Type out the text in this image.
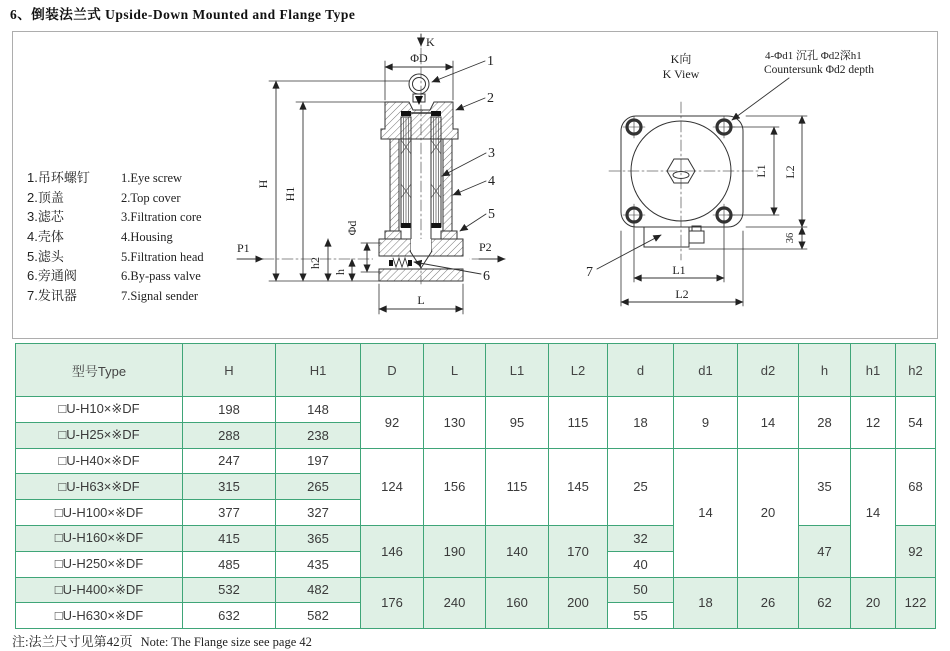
6、倒装法兰式 Upside-Down Mounted and Flange Type
K
ΦD
H
H1
Φd
h2
h
P1	P2
L
1
2
3
4
5
6
K向
K View
4-Φd1 沉孔 Φd2深h1
Countersunk Φd2 depth
L1 L2
36
L1
L2
7
1.吊环螺钉 1.Eye screw
2.顶盖	2.Top cover
3.滤芯	3.Filtration core
4.壳体	4.Housing
5.滤头	5.Filtration head
6.旁通阀	6.By-pass valve
7.发讯器	7.Signal sender
型号Type	H	H1	D	L	L1	L2	d	d1	d2	h	h1	h2
□U-H10×※DF	198	148	92	130	95	115	18	9	14	28	12	54
□U-H25×※DF	288	238										
□U-H40×※DF	247	197	124	156	115	145	25	14	20	35	14	68
□U-H63×※DF	315	265										
□U-H100×※DF	377	327										
□U-H160×※DF	415	365	146	190	140	170	32			47		92
□U-H250×※DF	485	435					40					
□U-H400×※DF	532	482	176	240	160	200	50	18	26	62	20	122
□U-H630×※DF	632	582					55					
注:法兰尺寸见第42页 Note: The Flange size see page 42
